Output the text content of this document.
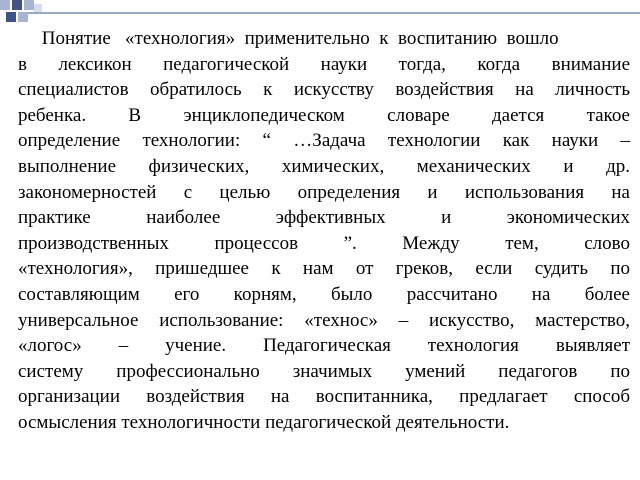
Понятие   «технология»  применительно  к  воспитанию  вошло
в лексикон педагогической науки тогда, когда внимание
специалистов обратилось к искусству воздействия на личность
ребенка. В энциклопедическом словаре дается такое
определение технологии: “ …Задача технологии как науки –
выполнение физических, химических, механических и др.
закономерностей с целью определения и использования на
практике наиболее эффективных и экономических
производственных процессов ”. Между тем, слово
«технология», пришедшее к нам от греков, если судить по
составляющим его корням, было рассчитано на более
универсальное использование: «технос» – искусство, мастерство,
«логос» – учение. Педагогическая технология выявляет
систему профессионально значимых умений педагогов по
организации воздействия на воспитанника, предлагает способ
осмысления технологичности педагогической деятельности.
